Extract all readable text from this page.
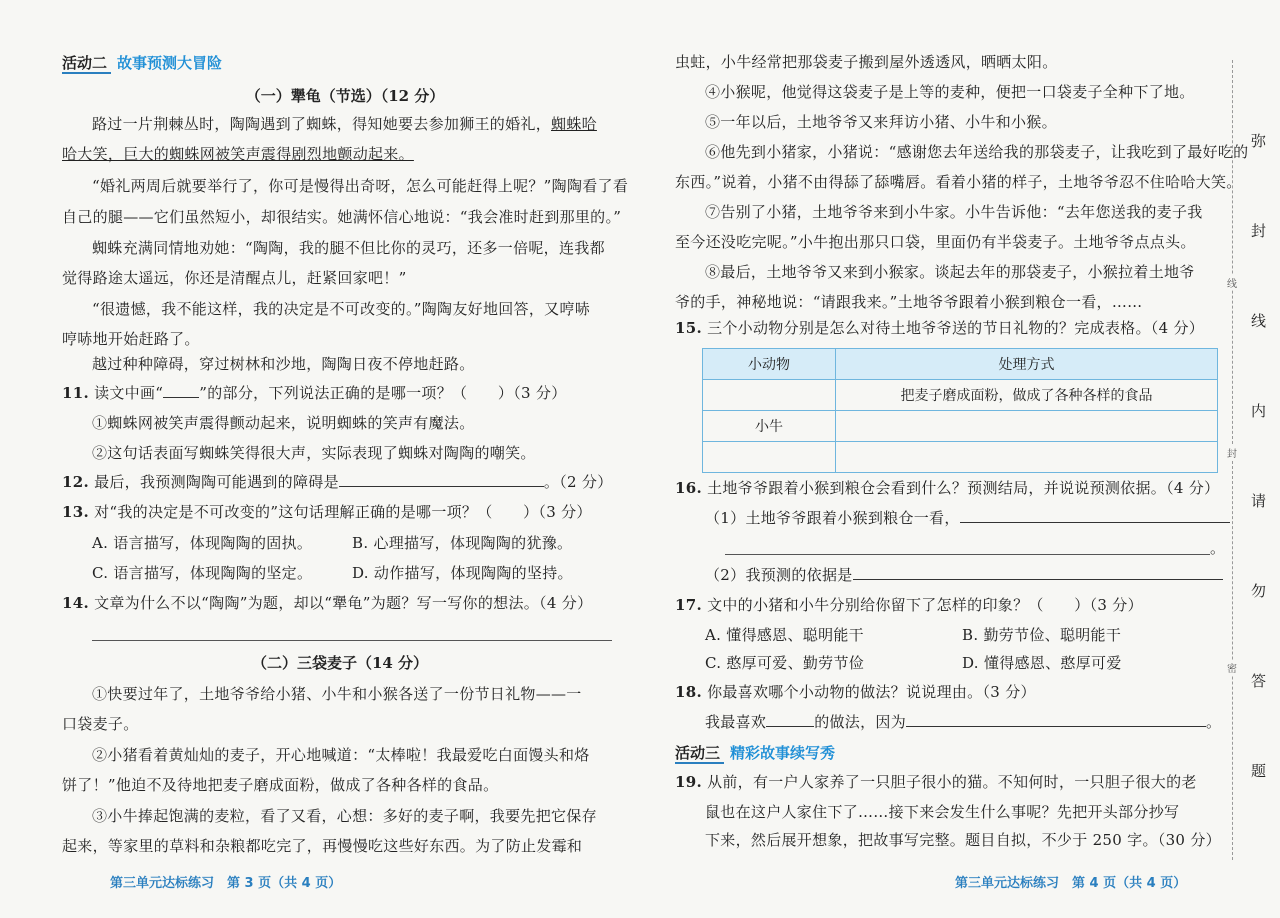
活动二 故事预测大冒险
（一）犟龟（节选）（12 分）
路过一片荆棘丛时，陶陶遇到了蜘蛛，得知她要去参加狮王的婚礼，蜘蛛哈
哈大笑，巨大的蜘蛛网被笑声震得剧烈地颤动起来。
“婚礼两周后就要举行了，你可是慢得出奇呀，怎么可能赶得上呢？”陶陶看了看
自己的腿——它们虽然短小，却很结实。她满怀信心地说：“我会准时赶到那里的。”
蜘蛛充满同情地劝她：“陶陶，我的腿不但比你的灵巧，还多一倍呢，连我都
觉得路途太遥远，你还是清醒点儿，赶紧回家吧！”
“很遗憾，我不能这样，我的决定是不可改变的。”陶陶友好地回答，又哼哧
哼哧地开始赶路了。
越过种种障碍，穿过树林和沙地，陶陶日夜不停地赶路。
11. 读文中画“ ”的部分，下列说法正确的是哪一项？（　　）（3 分）
①蜘蛛网被笑声震得颤动起来，说明蜘蛛的笑声有魔法。
②这句话表面写蜘蛛笑得很大声，实际表现了蜘蛛对陶陶的嘲笑。
12. 最后，我预测陶陶可能遇到的障碍是	。（2 分）
13. 对“我的决定是不可改变的”这句话理解正确的是哪一项？（　　）（3 分）
A. 语言描写，体现陶陶的固执。	B. 心理描写，体现陶陶的犹豫。
C. 语言描写，体现陶陶的坚定。	D. 动作描写，体现陶陶的坚持。
14. 文章为什么不以“陶陶”为题，却以“犟龟”为题？写一写你的想法。（4 分）
（二）三袋麦子（14 分）
①快要过年了，土地爷爷给小猪、小牛和小猴各送了一份节日礼物——一
口袋麦子。
②小猪看着黄灿灿的麦子，开心地喊道：“太棒啦！我最爱吃白面馒头和烙
饼了！”他迫不及待地把麦子磨成面粉，做成了各种各样的食品。
③小牛捧起饱满的麦粒，看了又看，心想：多好的麦子啊，我要先把它保存
起来，等家里的草料和杂粮都吃完了，再慢慢吃这些好东西。为了防止发霉和
第三单元达标练习　第 3 页（共 4 页）
虫蛀，小牛经常把那袋麦子搬到屋外透透风，晒晒太阳。
④小猴呢，他觉得这袋麦子是上等的麦种，便把一口袋麦子全种下了地。
⑤一年以后，土地爷爷又来拜访小猪、小牛和小猴。
⑥他先到小猪家，小猪说：“感谢您去年送给我的那袋麦子，让我吃到了最好吃的
东西。”说着，小猪不由得舔了舔嘴唇。看着小猪的样子，土地爷爷忍不住哈哈大笑。
⑦告别了小猪，土地爷爷来到小牛家。小牛告诉他：“去年您送我的麦子我
至今还没吃完呢。”小牛抱出那只口袋，里面仍有半袋麦子。土地爷爷点点头。
⑧最后，土地爷爷又来到小猴家。谈起去年的那袋麦子，小猴拉着土地爷
爷的手，神秘地说：“请跟我来。”土地爷爷跟着小猴到粮仓一看，……
15. 三个小动物分别是怎么对待土地爷爷送的节日礼物的？完成表格。（4 分）
小动物	处理方式
	把麦子磨成面粉，做成了各种各样的食品
小牛	

16. 土地爷爷跟着小猴到粮仓会看到什么？预测结局，并说说预测依据。（4 分）
（1）土地爷爷跟着小猴到粮仓一看，
。
（2）我预测的依据是
17. 文中的小猪和小牛分别给你留下了怎样的印象？（　　）（3 分）
A. 懂得感恩、聪明能干	B. 勤劳节俭、聪明能干
C. 憨厚可爱、勤劳节俭	D. 懂得感恩、憨厚可爱
18. 你最喜欢哪个小动物的做法？说说理由。（3 分）
我最喜欢	的做法，因为	。
活动三 精彩故事续写秀
19. 从前，有一户人家养了一只胆子很小的猫。不知何时，一只胆子很大的老
鼠也在这户人家住下了……接下来会发生什么事呢？先把开头部分抄写
下来，然后展开想象，把故事写完整。题目自拟，不少于 250 字。（30 分）
第三单元达标练习　第 4 页（共 4 页）
弥
封
线
线
内
封
请
勿
密
答
题
